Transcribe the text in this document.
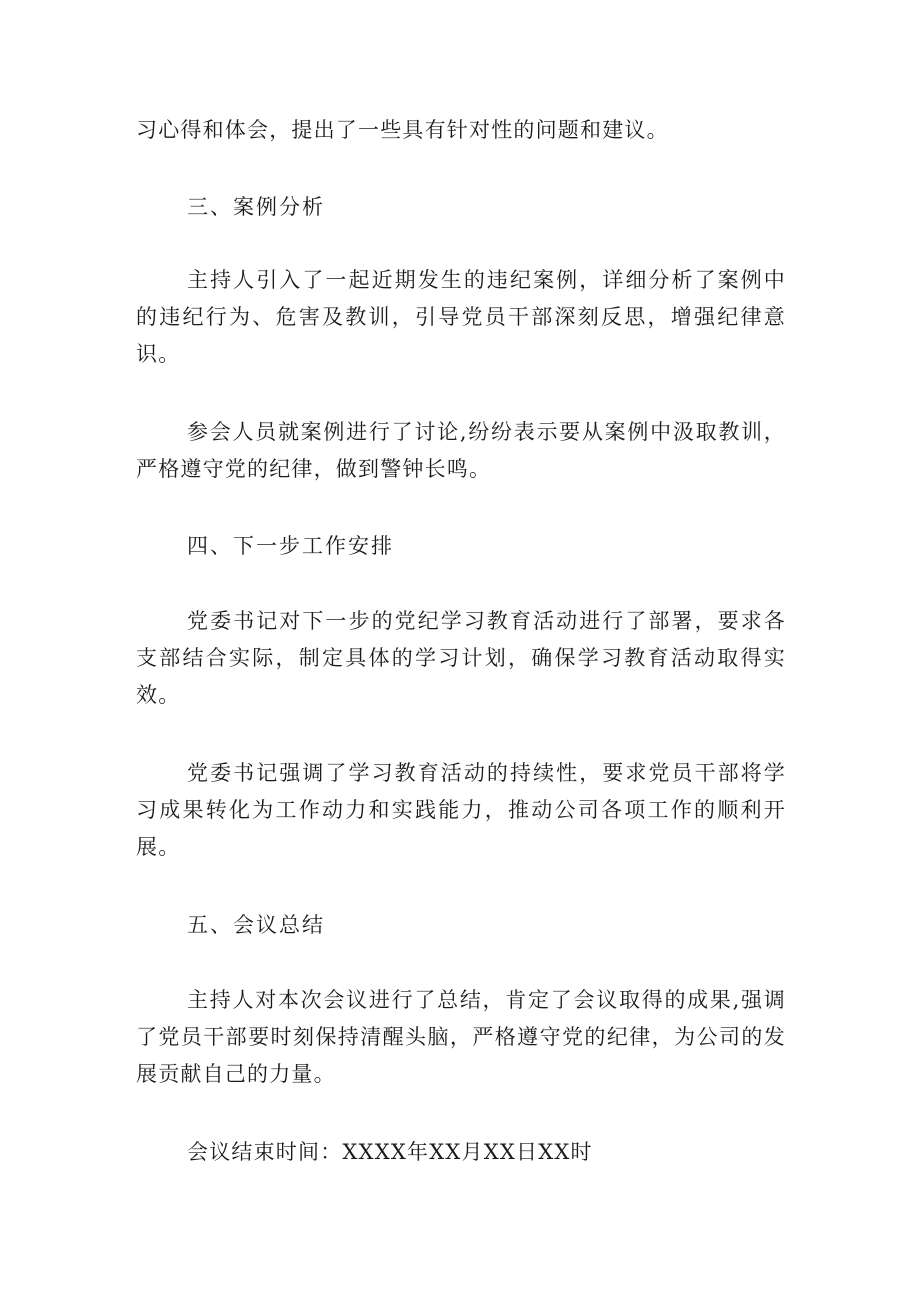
习心得和体会，提出了一些具有针对性的问题和建议。
三、案例分析
主持人引入了一起近期发生的违纪案例，详细分析了案例中的违纪行为、危害及教训，引导党员干部深刻反思，增强纪律意识。
参会人员就案例进行了讨论,纷纷表示要从案例中汲取教训，严格遵守党的纪律，做到警钟长鸣。
四、下一步工作安排
党委书记对下一步的党纪学习教育活动进行了部署，要求各支部结合实际，制定具体的学习计划，确保学习教育活动取得实效。
党委书记强调了学习教育活动的持续性，要求党员干部将学习成果转化为工作动力和实践能力，推动公司各项工作的顺利开展。
五、会议总结
主持人对本次会议进行了总结，肯定了会议取得的成果,强调了党员干部要时刻保持清醒头脑，严格遵守党的纪律，为公司的发展贡献自己的力量。
会议结束时间：XXXX年XX月XX日XX时
